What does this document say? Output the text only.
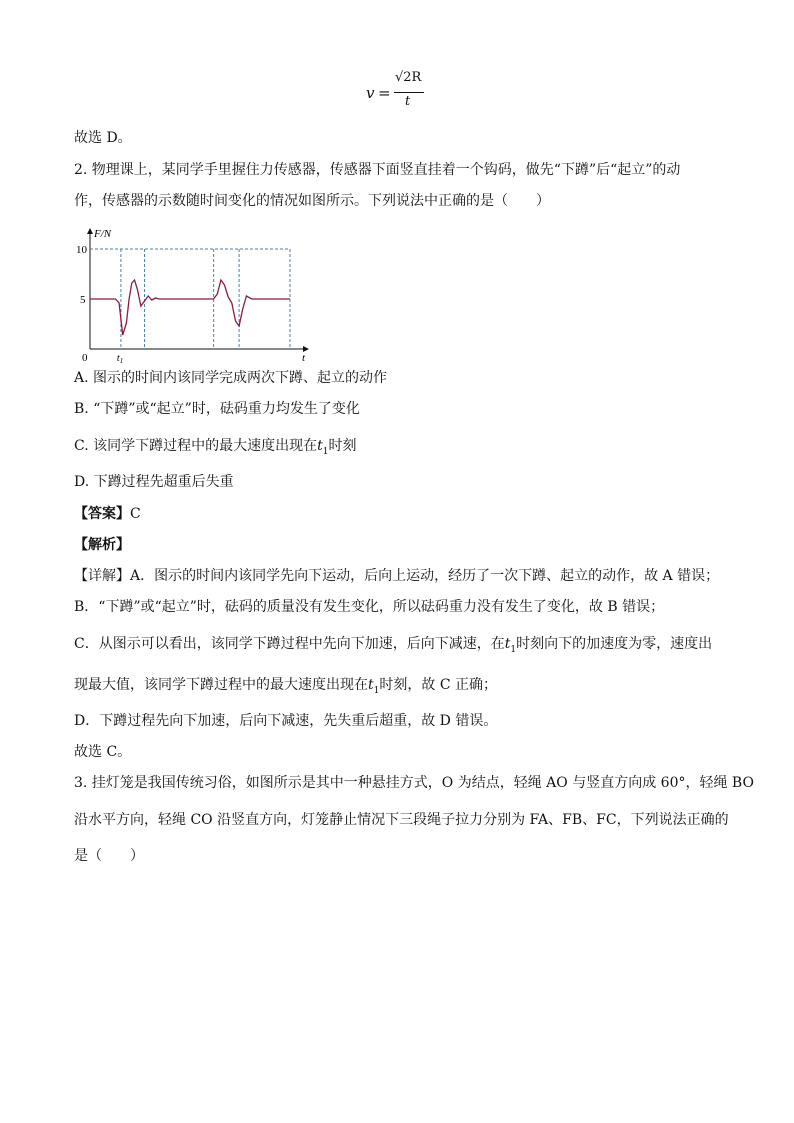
v =
√2R
t
故选 D。
2. 物理课上，某同学手里握住力传感器，传感器下面竖直挂着一个钩码，做先“下蹲”后“起立”的动
作，传感器的示数随时间变化的情况如图所示。下列说法中正确的是（　　）
F/N
10
5
0	t
$t_1$
A. 图示的时间内该同学完成两次下蹲、起立的动作
B. “下蹲”或“起立”时，砝码重力均发生了变化
C. 该同学下蹲过程中的最大速度出现在$t_1$时刻
D. 下蹲过程先超重后失重
【答案】C
【解析】
【详解】A．图示的时间内该同学先向下运动，后向上运动，经历了一次下蹲、起立的动作，故 A 错误；
B．“下蹲”或“起立”时，砝码的质量没有发生变化，所以砝码重力没有发生了变化，故 B 错误；
C．从图示可以看出，该同学下蹲过程中先向下加速，后向下减速，在$t_1$时刻向下的加速度为零，速度出
现最大值，该同学下蹲过程中的最大速度出现在$t_1$时刻，故 C 正确；
D．下蹲过程先向下加速，后向下减速，先失重后超重，故 D 错误。
故选 C。
3. 挂灯笼是我国传统习俗，如图所示是其中一种悬挂方式，O 为结点，轻绳 AO 与竖直方向成 60°，轻绳 BO
沿水平方向，轻绳 CO 沿竖直方向，灯笼静止情况下三段绳子拉力分别为 FA、FB、FC，下列说法正确的
是（　　）
